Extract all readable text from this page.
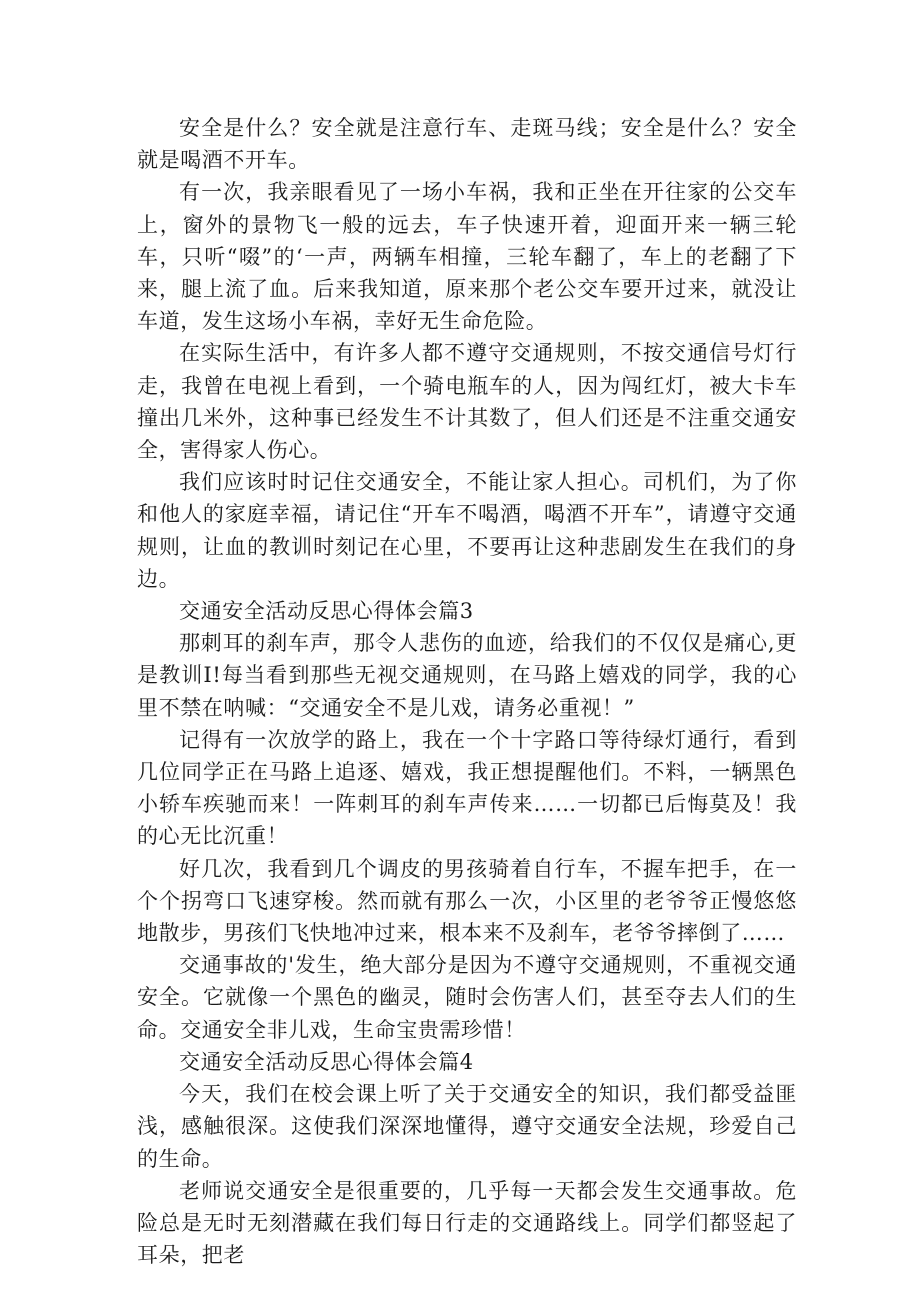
安全是什么？安全就是注意行车、走斑马线；安全是什么？安全就是喝酒不开车。

有一次，我亲眼看见了一场小车祸，我和正坐在开往家的公交车上，窗外的景物飞一般的远去，车子快速开着，迎面开来一辆三轮车，只听“啜”的‘一声，两辆车相撞，三轮车翻了，车上的老翻了下来，腿上流了血。后来我知道，原来那个老公交车要开过来，就没让车道，发生这场小车祸，幸好无生命危险。

在实际生活中，有许多人都不遵守交通规则，不按交通信号灯行走，我曾在电视上看到，一个骑电瓶车的人，因为闯红灯，被大卡车撞出几米外，这种事已经发生不计其数了，但人们还是不注重交通安全，害得家人伤心。

我们应该时时记住交通安全，不能让家人担心。司机们，为了你和他人的家庭幸福，请记住“开车不喝酒，喝酒不开车”，请遵守交通规则，让血的教训时刻记在心里，不要再让这种悲剧发生在我们的身边。

交通安全活动反思心得体会篇3

那刺耳的刹车声，那令人悲伤的血迹，给我们的不仅仅是痛心,更是教训I!每当看到那些无视交通规则，在马路上嬉戏的同学，我的心里不禁在呐喊：“交通安全不是儿戏，请务必重视！”

记得有一次放学的路上，我在一个十字路口等待绿灯通行，看到几位同学正在马路上追逐、嬉戏，我正想提醒他们。不料，一辆黑色小轿车疾驰而来！一阵刺耳的刹车声传来……一切都已后悔莫及！我的心无比沉重！

好几次，我看到几个调皮的男孩骑着自行车，不握车把手，在一个个拐弯口飞速穿梭。然而就有那么一次，小区里的老爷爷正慢悠悠地散步，男孩们飞快地冲过来，根本来不及刹车，老爷爷摔倒了……

交通事故的'发生，绝大部分是因为不遵守交通规则，不重视交通安全。它就像一个黑色的幽灵，随时会伤害人们，甚至夺去人们的生命。交通安全非儿戏，生命宝贵需珍惜！

交通安全活动反思心得体会篇4

今天，我们在校会课上听了关于交通安全的知识，我们都受益匪浅，感触很深。这使我们深深地懂得，遵守交通安全法规，珍爱自己的生命。

老师说交通安全是很重要的，几乎每一天都会发生交通事故。危险总是无时无刻潜藏在我们每日行走的交通路线上。同学们都竖起了耳朵，把老
